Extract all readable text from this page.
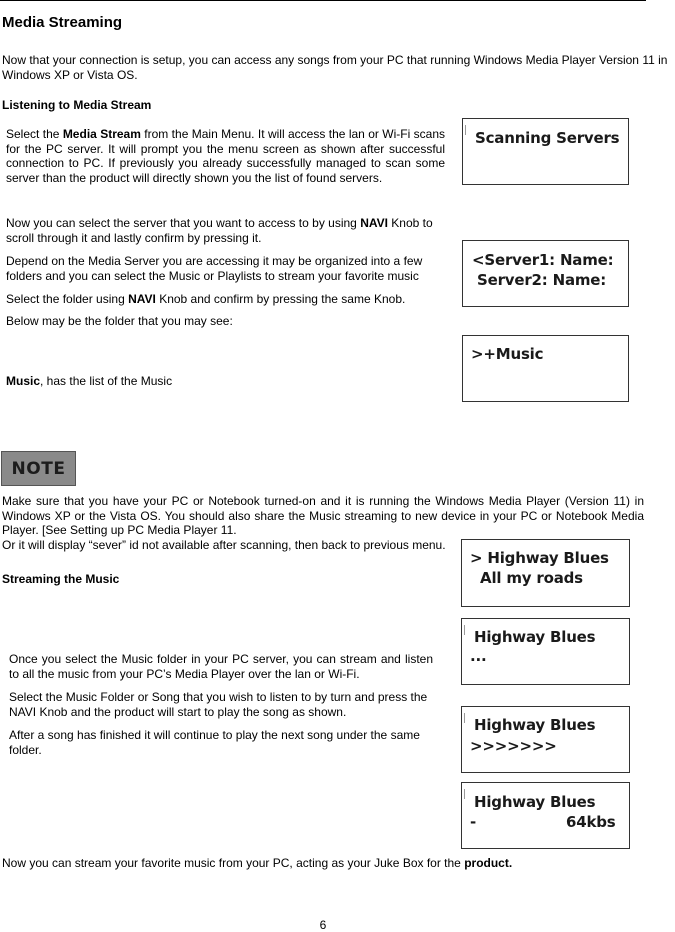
Media Streaming
Now that your connection is setup, you can access any songs from your PC that running Windows Media Player Version 11 in Windows XP or Vista OS.
Listening to Media Stream
Select the Media Stream from the Main Menu. It will access the lan or Wi-Fi scans for the PC server. It will prompt you the menu screen as shown after successful connection to PC. If previously you already successfully managed to scan some server than the product will directly shown you the list of found servers.
Now you can select the server that you want to access to by using NAVI Knob to scroll through it and lastly confirm by pressing it.
Depend on the Media Server you are accessing it may be organized into a few folders and you can select the Music or Playlists to stream your favorite music
Select the folder using NAVI Knob and confirm by pressing the same Knob.
Below may be the folder that you may see:
Music, has the list of the Music
Scanning Servers
<Server1: Name:
Server2: Name:
>+Music
NOTE
Make sure that you have your PC or Notebook turned-on and it is running the Windows Media Player (Version 11) in Windows XP or the Vista OS. You should also share the Music streaming to new device in your PC or Notebook Media Player. [See Setting up PC Media Player 11.
Or it will display “sever” id not available after scanning, then back to previous menu.
Streaming the Music
> Highway Blues
All my roads
Highway Blues
...
Once you select the Music folder in your PC server, you can stream and listen to all the music from your PC’s Media Player over the lan or Wi-Fi.
Select the Music Folder or Song that you wish to listen to by turn and press the NAVI Knob and the product will start to play the song as shown.
After a song has finished it will continue to play the next song under the same folder.
Highway Blues
>>>>>>>
Highway Blues
-	64kbs
Now you can stream your favorite music from your PC, acting as your Juke Box for the product.
6
